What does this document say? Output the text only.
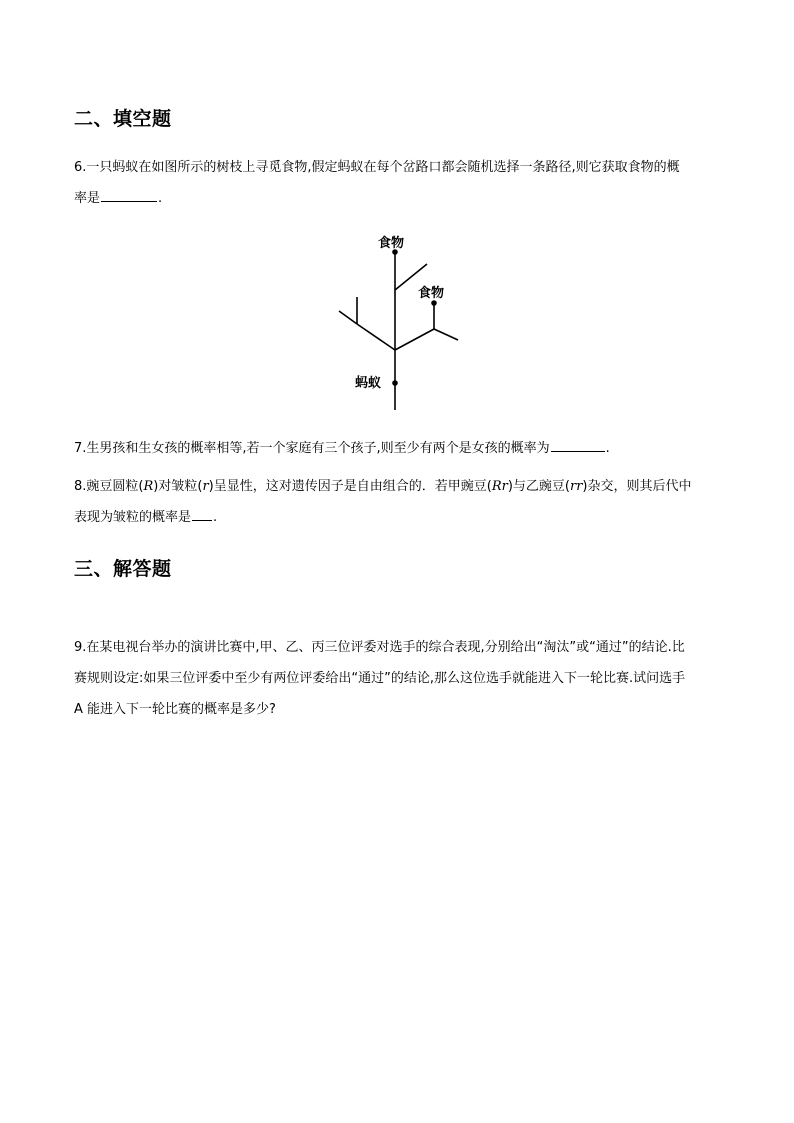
二、填空题
6.一只蚂蚁在如图所示的树枝上寻觅食物,假定蚂蚁在每个岔路口都会随机选择一条路径,则它获取食物的概
率是	.
食物
食物
蚂蚁
7.生男孩和生女孩的概率相等,若一个家庭有三个孩子,则至少有两个是女孩的概率为	.
8.豌豆圆粒(R)对皱粒(r)呈显性，这对遗传因子是自由组合的．若甲豌豆(Rr)与乙豌豆(rr)杂交，则其后代中
表现为皱粒的概率是 .
三、解答题
9.在某电视台举办的演讲比赛中,甲、乙、丙三位评委对选手的综合表现,分别给出“淘汰”或“通过”的结论.比
赛规则设定:如果三位评委中至少有两位评委给出“通过”的结论,那么这位选手就能进入下一轮比赛.试问选手
A 能进入下一轮比赛的概率是多少?
